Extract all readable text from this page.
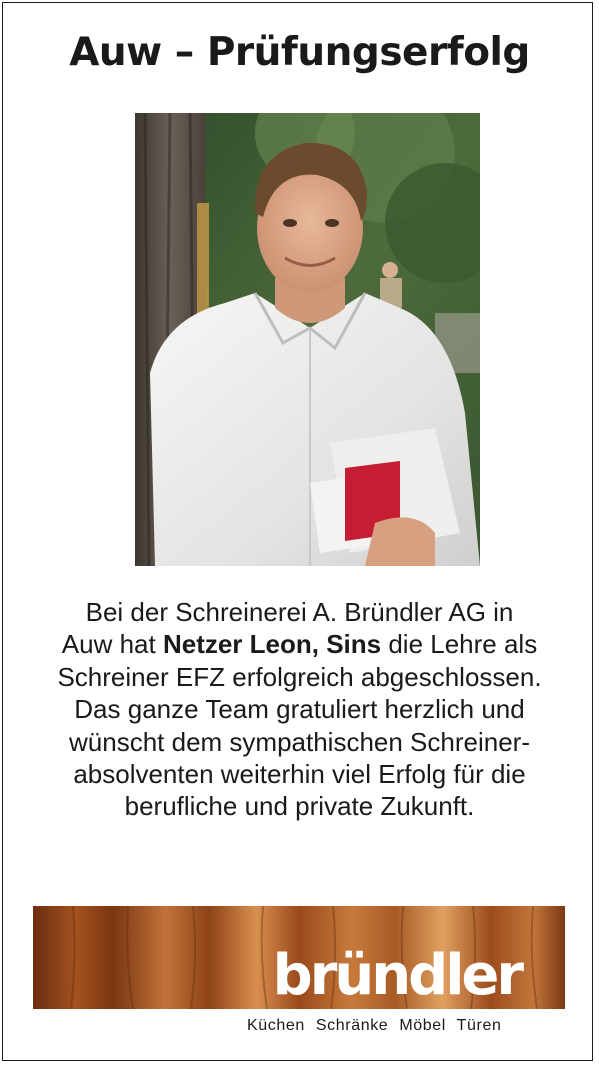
Auw – Prüfungserfolg

Bei der Schreinerei A. Bründler AG in
Auw hat Netzer Leon, Sins die Lehre als
Schreiner EFZ erfolgreich abgeschlossen.
Das ganze Team gratuliert herzlich und
wünscht dem sympathischen Schreiner-
absolventen weiterhin viel Erfolg für die
berufliche und private Zukunft.

bründler
Küchen Schränke Möbel Türen
